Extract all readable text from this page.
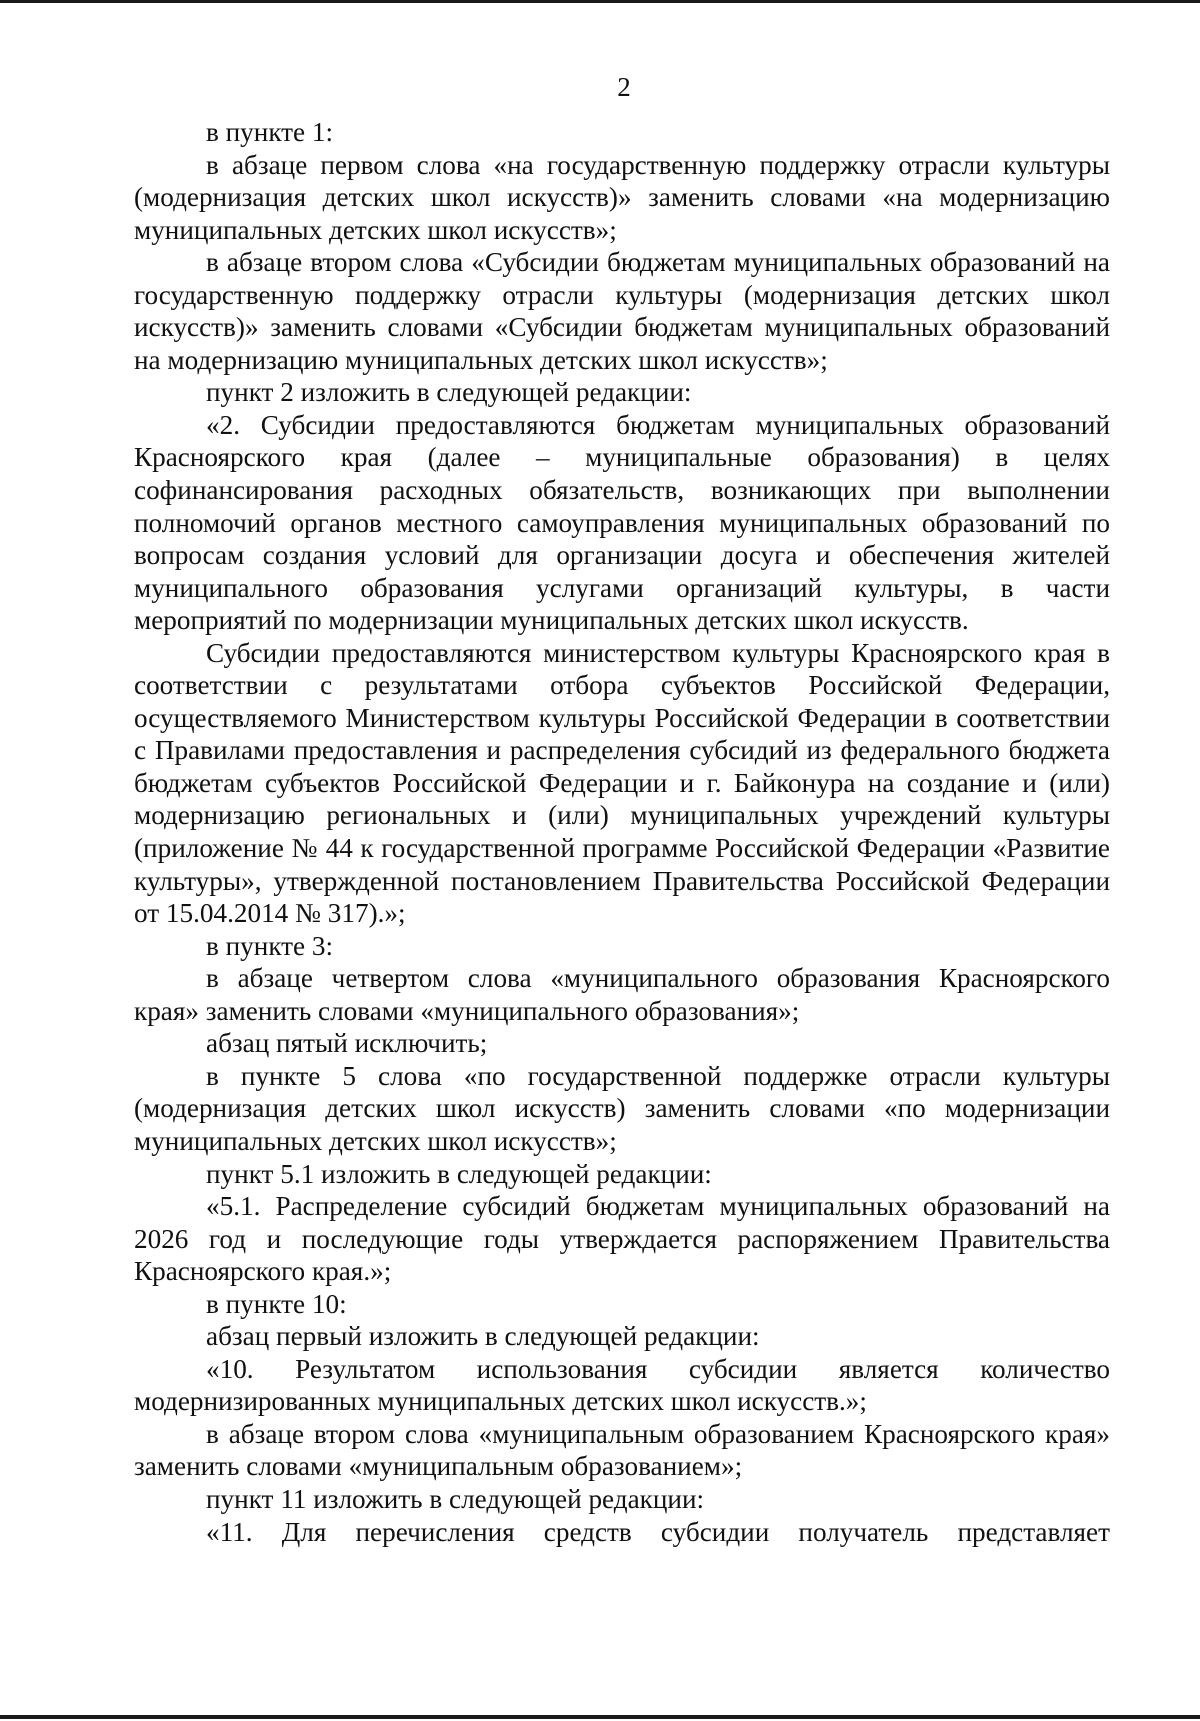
2

в пункте 1:

в абзаце первом слова «на государственную поддержку отрасли культуры (модернизация детских школ искусств)» заменить словами «на модернизацию муниципальных детских школ искусств»;

в абзаце втором слова «Субсидии бюджетам муниципальных образований на государственную поддержку отрасли культуры (модернизация детских школ искусств)» заменить словами «Субсидии бюджетам муниципальных образований на модернизацию муниципальных детских школ искусств»;

пункт 2 изложить в следующей редакции:

«2. Субсидии предоставляются бюджетам муниципальных образований Красноярского края (далее – муниципальные образования) в целях софинансирования расходных обязательств, возникающих при выполнении полномочий органов местного самоуправления муниципальных образований по вопросам создания условий для организации досуга и обеспечения жителей муниципального образования услугами организаций культуры, в части мероприятий по модернизации муниципальных детских школ искусств.

Субсидии предоставляются министерством культуры Красноярского края в соответствии с результатами отбора субъектов Российской Федерации, осуществляемого Министерством культуры Российской Федерации в соответствии с Правилами предоставления и распределения субсидий из федерального бюджета бюджетам субъектов Российской Федерации и г. Байконура на создание и (или) модернизацию региональных и (или) муниципальных учреждений культуры (приложение № 44 к государственной программе Российской Федерации «Развитие культуры», утвержденной постановлением Правительства Российской Федерации от 15.04.2014 № 317).»;

в пункте 3:

в абзаце четвертом слова «муниципального образования Красноярского края» заменить словами «муниципального образования»;

абзац пятый исключить;

в пункте 5 слова «по государственной поддержке отрасли культуры (модернизация детских школ искусств) заменить словами «по модернизации муниципальных детских школ искусств»;

пункт 5.1 изложить в следующей редакции:

«5.1. Распределение субсидий бюджетам муниципальных образований на 2026 год и последующие годы утверждается распоряжением Правительства Красноярского края.»;

в пункте 10:

абзац первый изложить в следующей редакции:

«10. Результатом использования субсидии является количество модернизированных муниципальных детских школ искусств.»;

в абзаце втором слова «муниципальным образованием Красноярского края» заменить словами «муниципальным образованием»;

пункт 11 изложить в следующей редакции:

«11. Для перечисления средств субсидии получатель представляет
